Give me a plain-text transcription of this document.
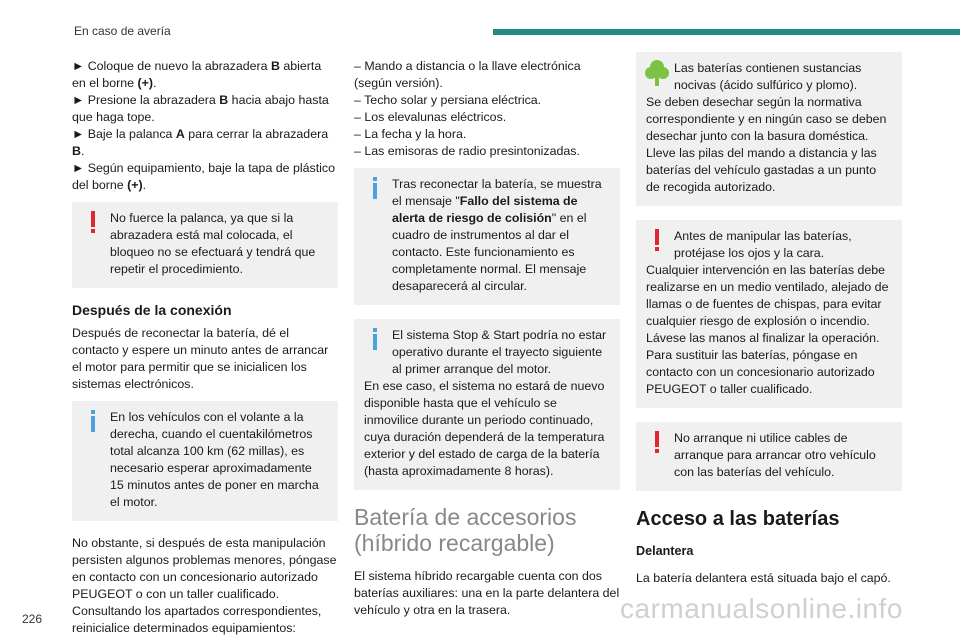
En caso de avería

► Coloque de nuevo la abrazadera B abierta en el borne (+).

► Presione la abrazadera B hacia abajo hasta que haga tope.

► Baje la palanca A para cerrar la abrazadera B.

► Según equipamiento, baje la tapa de plástico del borne (+).

No fuerce la palanca, ya que si la abrazadera está mal colocada, el bloqueo no se efectuará y tendrá que repetir el procedimiento.

Después de la conexión

Después de reconectar la batería, dé el contacto y espere un minuto antes de arrancar el motor para permitir que se inicialicen los sistemas electrónicos.

En los vehículos con el volante a la derecha, cuando el cuentakilómetros total alcanza 100 km (62 millas), es necesario esperar aproximadamente 15 minutos antes de poner en marcha el motor.

No obstante, si después de esta manipulación persisten algunos problemas menores, póngase en contacto con un concesionario autorizado PEUGEOT o con un taller cualificado.

Consultando los apartados correspondientes, reinicialice determinados equipamientos:

– Mando a distancia o la llave electrónica (según versión).

– Techo solar y persiana eléctrica.

– Los elevalunas eléctricos.

– La fecha y la hora.

– Las emisoras de radio presintonizadas.

Tras reconectar la batería, se muestra el mensaje "Fallo del sistema de alerta de riesgo de colisión" en el cuadro de instrumentos al dar el contacto. Este funcionamiento es completamente normal. El mensaje desaparecerá al circular.

El sistema Stop & Start podría no estar operativo durante el trayecto siguiente al primer arranque del motor.

En ese caso, el sistema no estará de nuevo disponible hasta que el vehículo se inmovilice durante un periodo continuado, cuya duración dependerá de la temperatura exterior y del estado de carga de la batería (hasta aproximadamente 8 horas).

Batería de accesorios (híbrido recargable)

El sistema híbrido recargable cuenta con dos baterías auxiliares: una en la parte delantera del vehículo y otra en la trasera.

Las baterías contienen sustancias nocivas (ácido sulfúrico y plomo).

Se deben desechar según la normativa correspondiente y en ningún caso se deben desechar junto con la basura doméstica.

Lleve las pilas del mando a distancia y las baterías del vehículo gastadas a un punto de recogida autorizado.

Antes de manipular las baterías, protéjase los ojos y la cara.

Cualquier intervención en las baterías debe realizarse en un medio ventilado, alejado de llamas o de fuentes de chispas, para evitar cualquier riesgo de explosión o incendio.

Lávese las manos al finalizar la operación.

Para sustituir las baterías, póngase en contacto con un concesionario autorizado PEUGEOT o taller cualificado.

No arranque ni utilice cables de arranque para arrancar otro vehículo con las baterías del vehículo.

Acceso a las baterías
Delantera

La batería delantera está situada bajo el capó.

226	carmanualsonline.info
